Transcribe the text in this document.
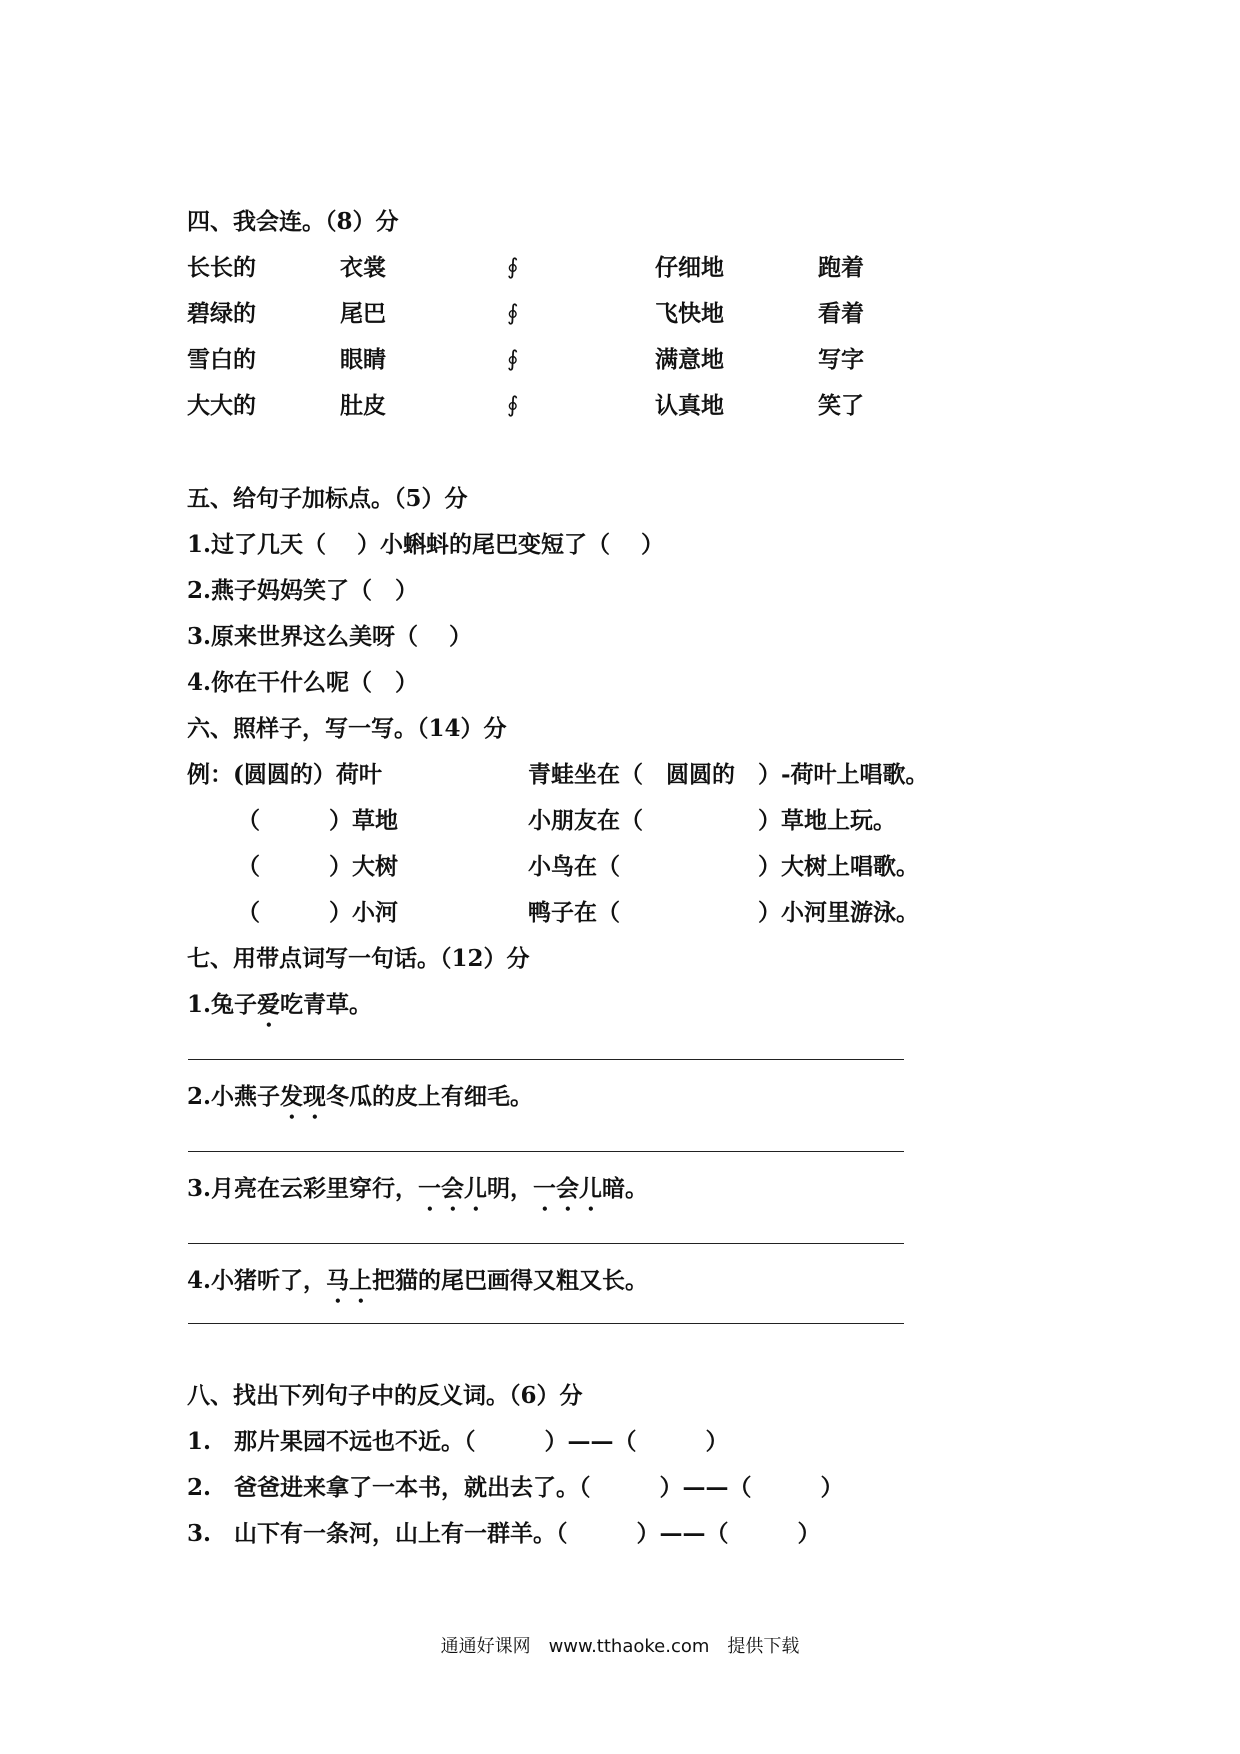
四、我会连。（8）分
长长的	衣裳	∮	仔细地	跑着
碧绿的	尾巴	∮	飞快地	看着
雪白的	眼睛	∮	满意地	写字
大大的	肚皮	∮	认真地	笑了
五、给句子加标点。（5）分
1.过了几天（　 ）小蝌蚪的尾巴变短了（　 ）
2.燕子妈妈笑了（　）
3.原来世界这么美呀（　 ）
4.你在干什么呢（　）
六、照样子，写一写。（14）分
例：(圆圆的）荷叶	青蛙坐在（　圆圆的　）-荷叶上唱歌。
（　　　）草地	小朋友在（　　　　　）草地上玩。
（　　　）大树	小鸟在（　　　　　　）大树上唱歌。
（　　　）小河	鸭子在（　　　　　　）小河里游泳。
七、用带点词写一句话。（12）分
1.兔子爱吃青草。
2.小燕子发现冬瓜的皮上有细毛。
3.月亮在云彩里穿行，一会儿明，一会儿暗。
4.小猪听了，马上把猫的尾巴画得又粗又长。
八、找出下列句子中的反义词。（6）分
1.　那片果园不远也不近。（　　　）——（　　　）
2.　爸爸进来拿了一本书，就出去了。（　　　）——（　　　）
3.　山下有一条河，山上有一群羊。（　　　）——（　　　）
通通好课网　www.tthaoke.com　提供下载
